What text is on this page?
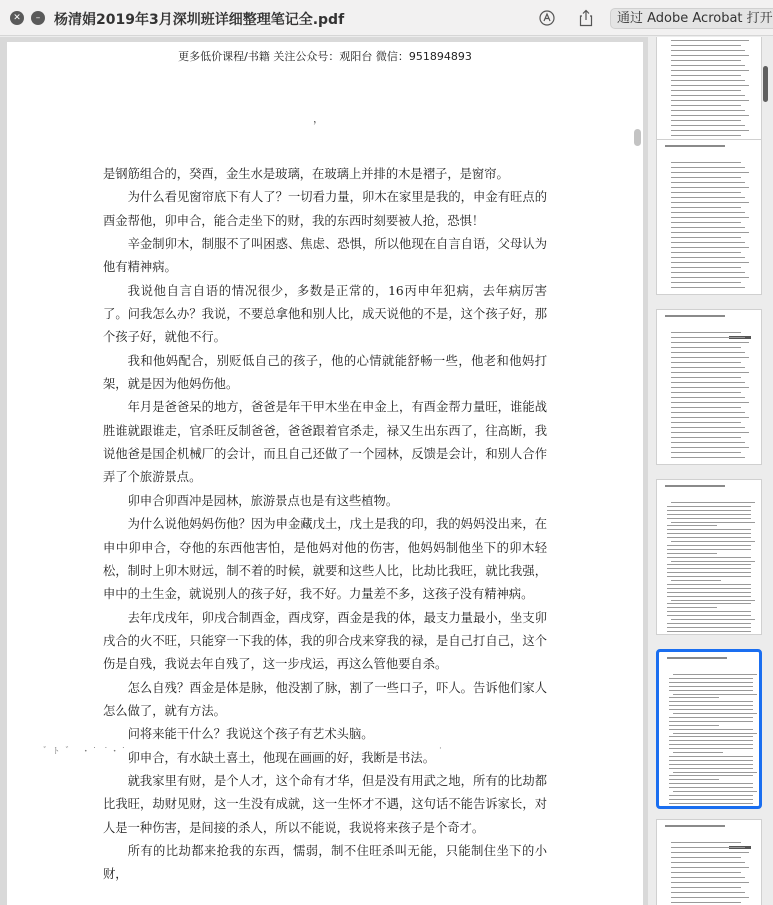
✕	– 杨清娟2019年3月深圳班详细整理笔记全.pdf	通过 Adobe Acrobat 打开
更多低价课程/书籍 关注公众号：观阳台 微信：951894893
，
゛ﾄ ゛ ・˙ ˙・˙	·

是钢筋组合的，癸酉，金生水是玻璃，在玻璃上并排的木是褶子，是窗帘。

为什么看见窗帘底下有人了？一切看力量，卯木在家里是我的，申金有旺点的酉金帮他，卯申合，能合走坐下的财，我的东西时刻要被人抢，恐惧！

辛金制卯木，制服不了叫困惑、焦虑、恐惧，所以他现在自言自语，父母认为他有精神病。

我说他自言自语的情况很少，多数是正常的，16丙申年犯病，去年病厉害了。问我怎么办？我说，不要总拿他和别人比，成天说他的不是，这个孩子好，那个孩子好，就他不行。

我和他妈配合，别贬低自己的孩子，他的心情就能舒畅一些，他老和他妈打架，就是因为他妈伤他。

年月是爸爸呆的地方，爸爸是年干甲木坐在申金上，有酉金帮力量旺，谁能战胜谁就跟谁走，官杀旺反制爸爸，爸爸跟着官杀走，禄又生出东西了，往高断，我说他爸是国企机械厂的会计，而且自己还做了一个园林，反馈是会计，和别人合作弄了个旅游景点。

卯申合卯酉冲是园林，旅游景点也是有这些植物。

为什么说他妈妈伤他？因为申金藏戊土，戊土是我的印，我的妈妈没出来，在申中卯申合，夺他的东西他害怕，是他妈对他的伤害，他妈妈制他坐下的卯木轻松，制时上卯木财远，制不着的时候，就要和这些人比，比劫比我旺，就比我强，申中的土生金，就说别人的孩子好，我不好。力量差不多，这孩子没有精神病。

去年戊戌年，卯戌合制酉金，酉戌穿，酉金是我的体，最支力量最小，坐支卯戌合的火不旺，只能穿一下我的体，我的卯合戌来穿我的禄，是自己打自己，这个伤是自残，我说去年自残了，这一步戌运，再这么管他要自杀。

怎么自残？酉金是体是脉，他没割了脉，割了一些口子，吓人。告诉他们家人怎么做了，就有方法。

问将来能干什么？我说这个孩子有艺术头脑。

卯申合，有水缺土喜土，他现在画画的好，我断是书法。

就我家里有财，是个人才，这个命有才华，但是没有用武之地，所有的比劫都比我旺，劫财见财，这一生没有成就，这一生怀才不遇，这句话不能告诉家长，对人是一种伤害，是间接的杀人，所以不能说，我说将来孩子是个奇才。

所有的比劫都来抢我的东西，懦弱，制不住旺杀叫无能，只能制住坐下的小财，
